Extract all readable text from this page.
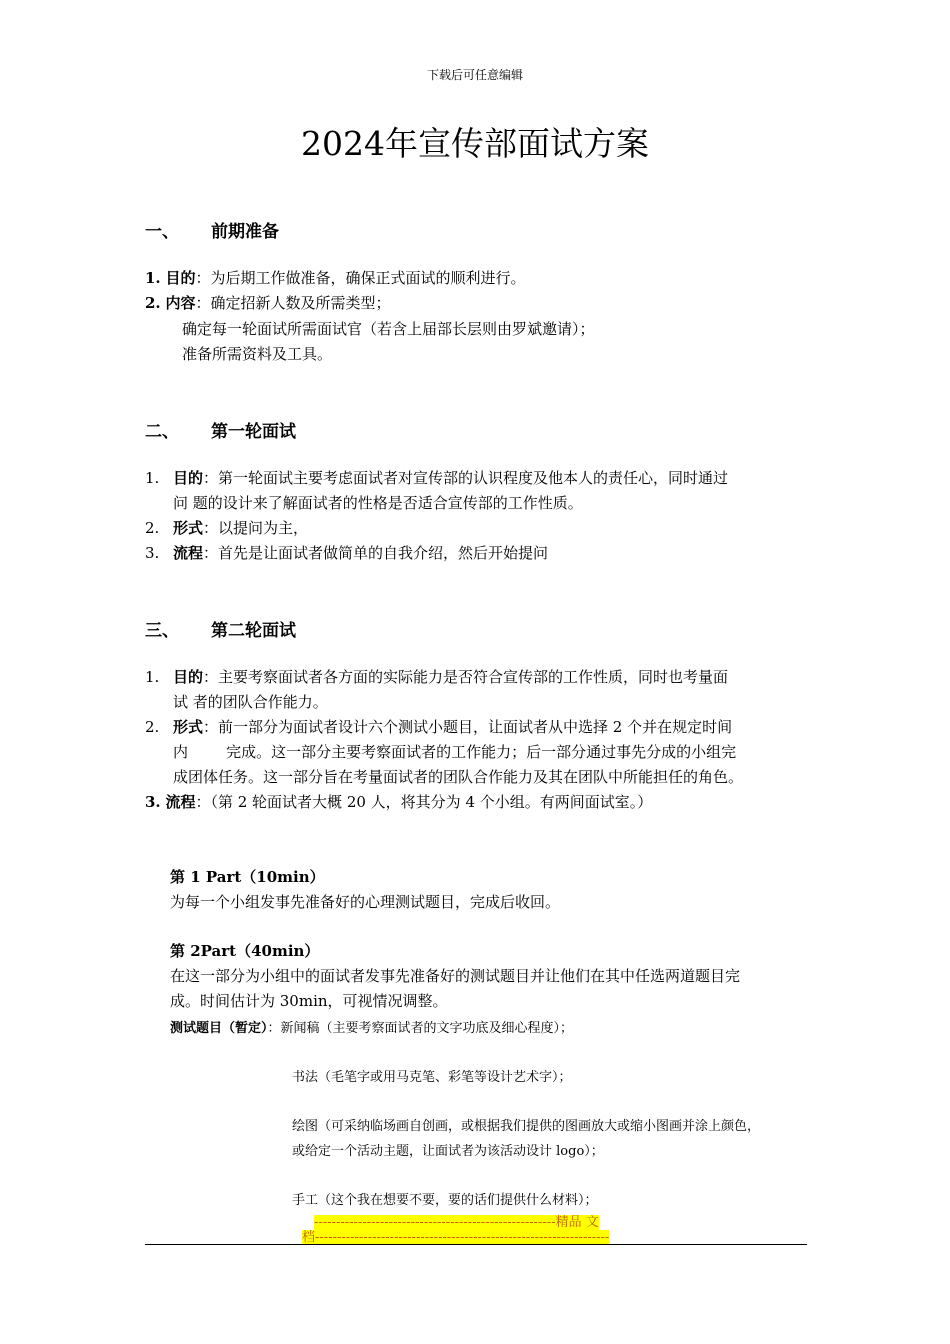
下载后可任意编辑
2024年宣传部面试方案
一、 前期准备
1. 目的：为后期工作做准备，确保正式面试的顺利进行。
2. 内容：确定招新人数及所需类型；
确定每一轮面试所需面试官（若含上届部长层则由罗斌邀请）；
准备所需资料及工具。
二、 第一轮面试
1. 目的：第一轮面试主要考虑面试者对宣传部的认识程度及他本人的责任心，同时通过
问 题的设计来了解面试者的性格是否适合宣传部的工作性质。
2. 形式：以提问为主，
3. 流程：首先是让面试者做简单的自我介绍，然后开始提问
三、 第二轮面试
1. 目的：主要考察面试者各方面的实际能力是否符合宣传部的工作性质，同时也考量面
试 者的团队合作能力。
2. 形式：前一部分为面试者设计六个测试小题目，让面试者从中选择 2 个并在规定时间
内        完成。这一部分主要考察面试者的工作能力；后一部分通过事先分成的小组完
成团体任务。这一部分旨在考量面试者的团队合作能力及其在团队中所能担任的角色。
3. 流程：（第 2 轮面试者大概 20 人，将其分为 4 个小组。有两间面试室。）
第 1 Part（10min）
为每一个小组发事先准备好的心理测试题目，完成后收回。
第 2Part（40min）
在这一部分为小组中的面试者发事先准备好的测试题目并让他们在其中任选两道题目完
成。时间估计为 30min，可视情况调整。
测试题目（暂定）：新闻稿（主要考察面试者的文字功底及细心程度）；
书法（毛笔字或用马克笔、彩笔等设计艺术字）；
绘图（可采纳临场画自创画，或根据我们提供的图画放大或缩小图画并涂上颜色，
或给定一个活动主题，让面试者为该活动设计 logo）；
手工（这个我在想要不要，要的话们提供什么材料）；
-------------------------------------------------------精品 文
档-------------------------------------------------------------------
